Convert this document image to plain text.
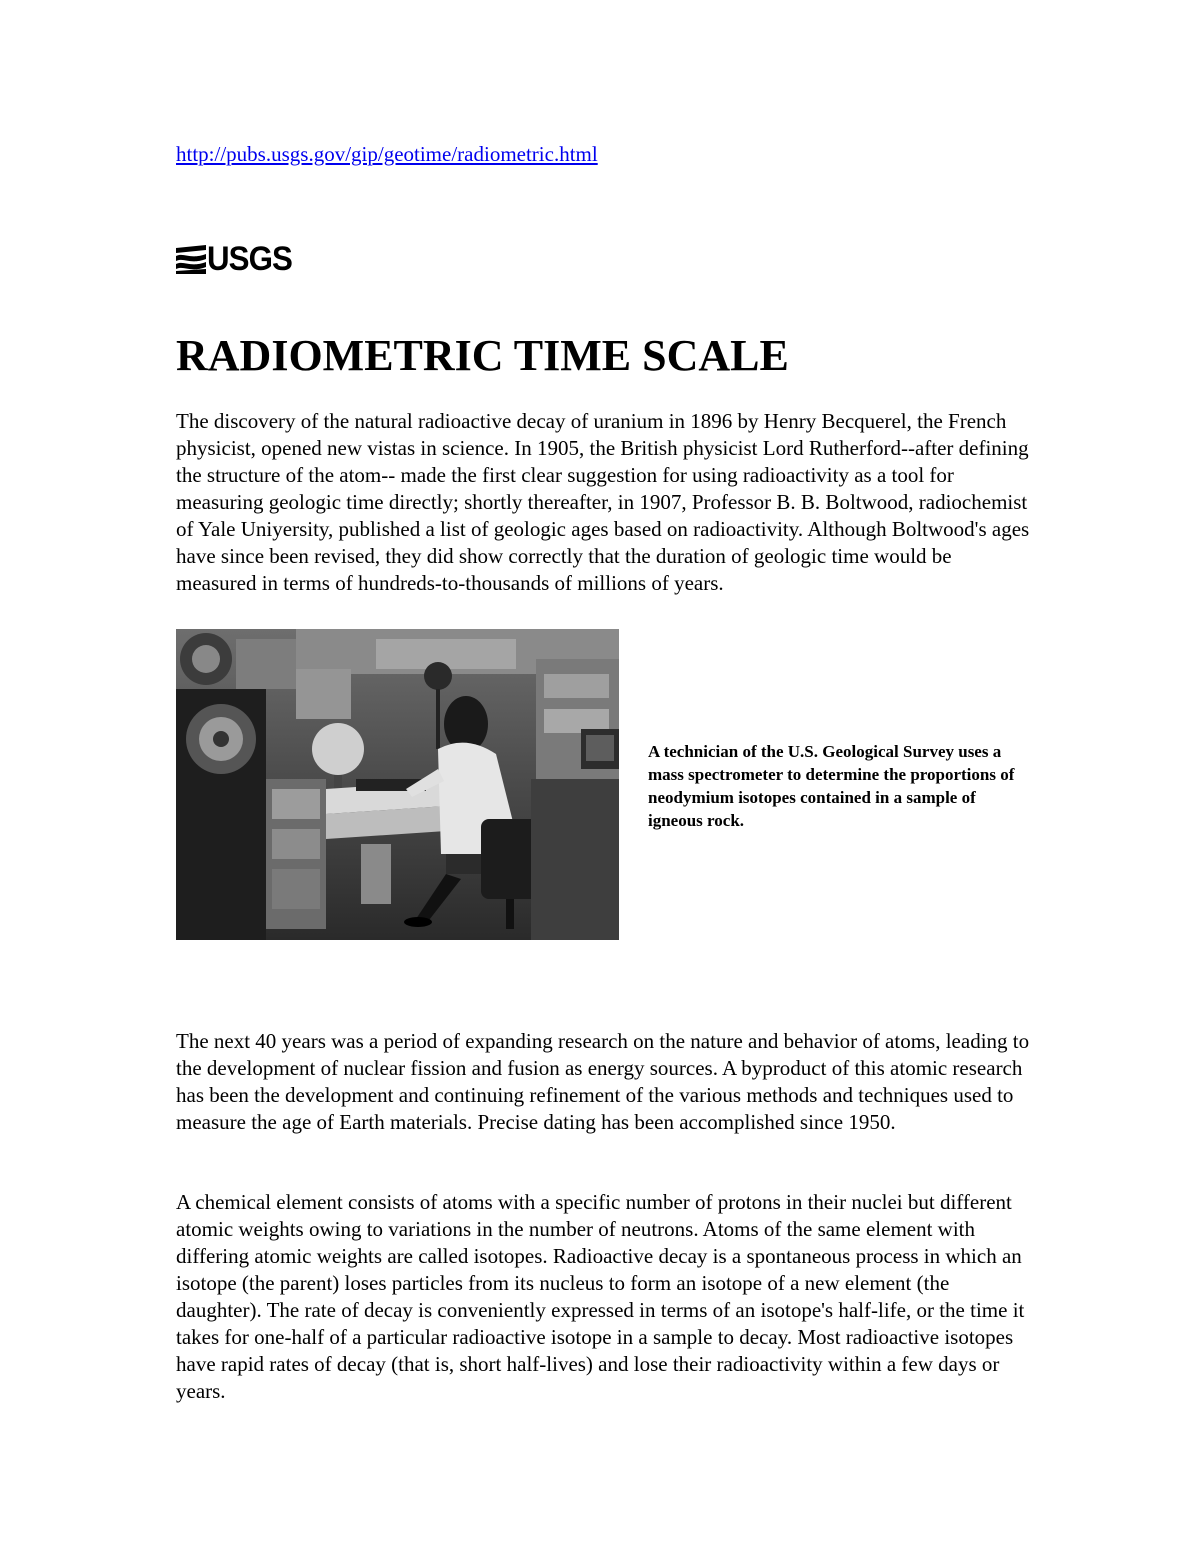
http://pubs.usgs.gov/gip/geotime/radiometric.html
USGS
RADIOMETRIC TIME SCALE

The discovery of the natural radioactive decay of uranium in 1896 by Henry Becquerel, the French physicist, opened new vistas in science. In 1905, the British physicist Lord Rutherford--after defining the structure of the atom-- made the first clear suggestion for using radioactivity as a tool for measuring geologic time directly; shortly thereafter, in 1907, Professor B. B. Boltwood, radiochemist of Yale Uniyersity, published a list of geologic ages based on radioactivity. Although Boltwood's ages have since been revised, they did show correctly that the duration of geologic time would be measured in terms of hundreds-to-thousands of millions of years.

A technician of the U.S. Geological Survey uses a mass spectrometer to determine the proportions of neodymium isotopes contained in a sample of igneous rock.

The next 40 years was a period of expanding research on the nature and behavior of atoms, leading to the development of nuclear fission and fusion as energy sources. A byproduct of this atomic research has been the development and continuing refinement of the various methods and techniques used to measure the age of Earth materials. Precise dating has been accomplished since 1950.

A chemical element consists of atoms with a specific number of protons in their nuclei but different atomic weights owing to variations in the number of neutrons. Atoms of the same element with differing atomic weights are called isotopes. Radioactive decay is a spontaneous process in which an isotope (the parent) loses particles from its nucleus to form an isotope of a new element (the daughter). The rate of decay is conveniently expressed in terms of an isotope's half-life, or the time it takes for one-half of a particular radioactive isotope in a sample to decay. Most radioactive isotopes have rapid rates of decay (that is, short half-lives) and lose their radioactivity within a few days or years.
